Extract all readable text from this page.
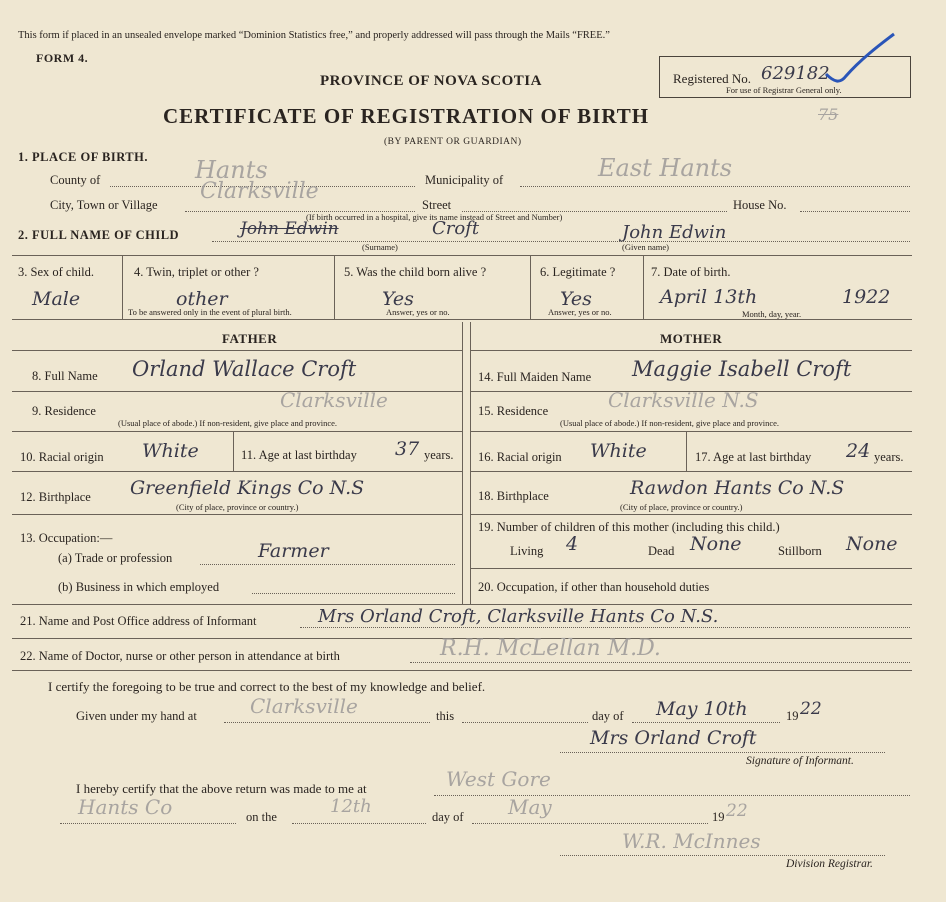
This form if placed in an unsealed envelope marked “Dominion Statistics free,” and properly addressed will pass through the Mails “FREE.”
FORM 4.
PROVINCE OF NOVA SCOTIA
CERTIFICATE OF REGISTRATION OF BIRTH
(BY PARENT OR GUARDIAN)
Registered No. 629182
For use of Registrar General only.
75
1. PLACE OF BIRTH.
County of	Hants	Municipality of	East Hants
City, Town or Village
Clarksville
Street	House No.
(If birth occurred in a hospital, give its name instead of Street and Number)
2. FULL NAME OF CHILD	John Edwin	Croft
(Surname)
John Edwin
(Given name)
3. Sex of child.
Male
4. Twin, triplet or other ?
other
To be answered only in the event of plural birth.
5. Was the child born alive ?
Yes
Answer, yes or no.
6. Legitimate ?
Yes
Answer, yes or no.
7. Date of birth.
April 13th	1922
Month, day, year.
FATHER	MOTHER
8. Full Name Orland Wallace Croft
9. Residence	Clarksville
(Usual place of abode.) If non-resident, give place and province.
10. Racial origin White	11. Age at last birthday 37 years.
12. Birthplace Greenfield Kings Co N.S
(City of place, province or country.)
13. Occupation:—
(a) Trade or profession	Farmer
(b) Business in which employed
14. Full Maiden Name Maggie Isabell Croft
15. Residence	Clarksville N.S
(Usual place of abode.) If non-resident, give place and province.
16. Racial origin White	17. Age at last birthday 24 years.
18. Birthplace	Rawdon Hants Co N.S
(City of place, province or country.)
19. Number of children of this mother (including this child.)
Living 4	Dead None	Stillborn None
20. Occupation, if other than household duties
21. Name and Post Office address of Informant	Mrs Orland Croft, Clarksville Hants Co N.S.
22. Name of Doctor, nurse or other person in attendance at birth	R.H. McLellan M.D.
I certify the foregoing to be true and correct to the best of my knowledge and belief.
Given under my hand at	Clarksville	this	day of May 10th	19 22
Mrs Orland Croft
Signature of Informant.
I hereby certify that the above return was made to me at	West Gore
Hants Co	on the	12th	day of May	19 22
W.R. McInnes
Division Registrar.
